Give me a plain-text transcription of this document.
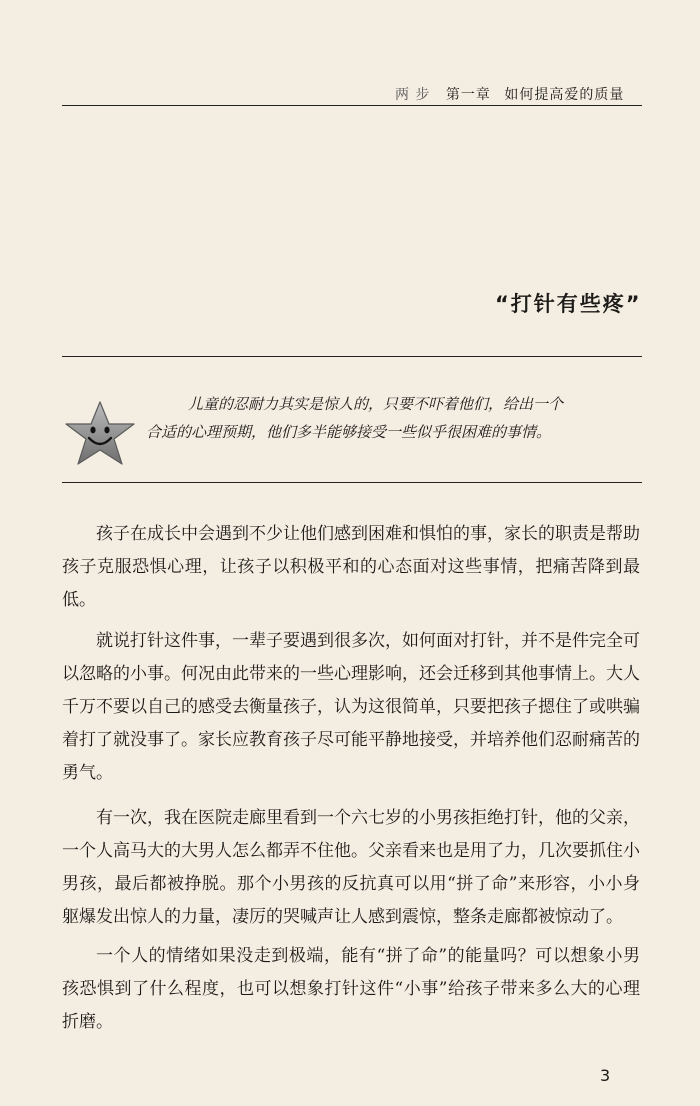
两 步 第一章 如何提高爱的质量
“打针有些疼”

儿童的忍耐力其实是惊人的，只要不吓着他们，给出一个

合适的心理预期，他们多半能够接受一些似乎很困难的事情。

孩子在成长中会遇到不少让他们感到困难和惧怕的事，家长的职责是帮助孩子克服恐惧心理，让孩子以积极平和的心态面对这些事情，把痛苦降到最低。

就说打针这件事，一辈子要遇到很多次，如何面对打针，并不是件完全可以忽略的小事。何况由此带来的一些心理影响，还会迁移到其他事情上。大人千万不要以自己的感受去衡量孩子，认为这很简单，只要把孩子摁住了或哄骗着打了就没事了。家长应教育孩子尽可能平静地接受，并培养他们忍耐痛苦的勇气。

有一次，我在医院走廊里看到一个六七岁的小男孩拒绝打针，他的父亲，一个人高马大的大男人怎么都弄不住他。父亲看来也是用了力，几次要抓住小男孩，最后都被挣脱。那个小男孩的反抗真可以用“拼了命”来形容，小小身躯爆发出惊人的力量，凄厉的哭喊声让人感到震惊，整条走廊都被惊动了。

一个人的情绪如果没走到极端，能有“拼了命”的能量吗？可以想象小男孩恐惧到了什么程度，也可以想象打针这件“小事”给孩子带来多么大的心理折磨。

3
